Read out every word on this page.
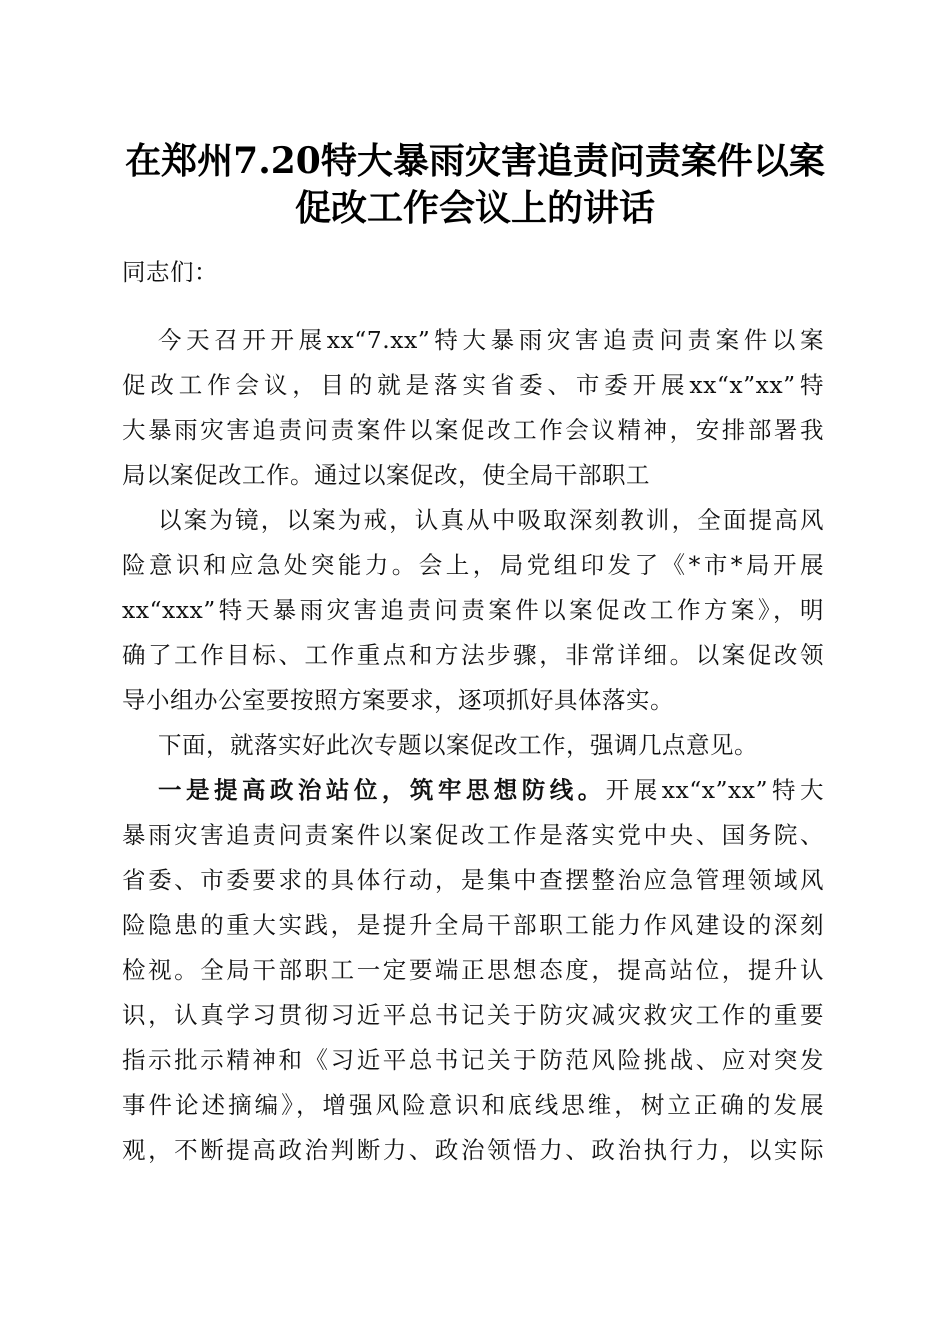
在郑州7.20特大暴雨灾害追责问责案件以案
促改工作会议上的讲话
同志们：
今天召开开展xx“7.xx”特大暴雨灾害追责问责案件以案
促改工作会议，目的就是落实省委、市委开展xx“x”xx”特
大暴雨灾害追责问责案件以案促改工作会议精神，安排部署我
局以案促改工作。通过以案促改，使全局干部职工
以案为镜，以案为戒，认真从中吸取深刻教训，全面提高风
险意识和应急处突能力。会上，局党组印发了《*市*局开展
xx“xxx”特天暴雨灾害追责问责案件以案促改工作方案》，明
确了工作目标、工作重点和方法步骤，非常详细。以案促改领
导小组办公室要按照方案要求，逐项抓好具体落实。
下面，就落实好此次专题以案促改工作，强调几点意见。
一是提高政治站位，筑牢思想防线。开展xx“x”xx”特大
暴雨灾害追责问责案件以案促改工作是落实党中央、国务院、
省委、市委要求的具体行动，是集中查摆整治应急管理领域风
险隐患的重大实践，是提升全局干部职工能力作风建设的深刻
检视。全局干部职工一定要端正思想态度，提高站位，提升认
识，认真学习贯彻习近平总书记关于防灾减灾救灾工作的重要
指示批示精神和《习近平总书记关于防范风险挑战、应对突发
事件论述摘编》，增强风险意识和底线思维，树立正确的发展
观，不断提高政治判断力、政治领悟力、政治执行力，以实际
